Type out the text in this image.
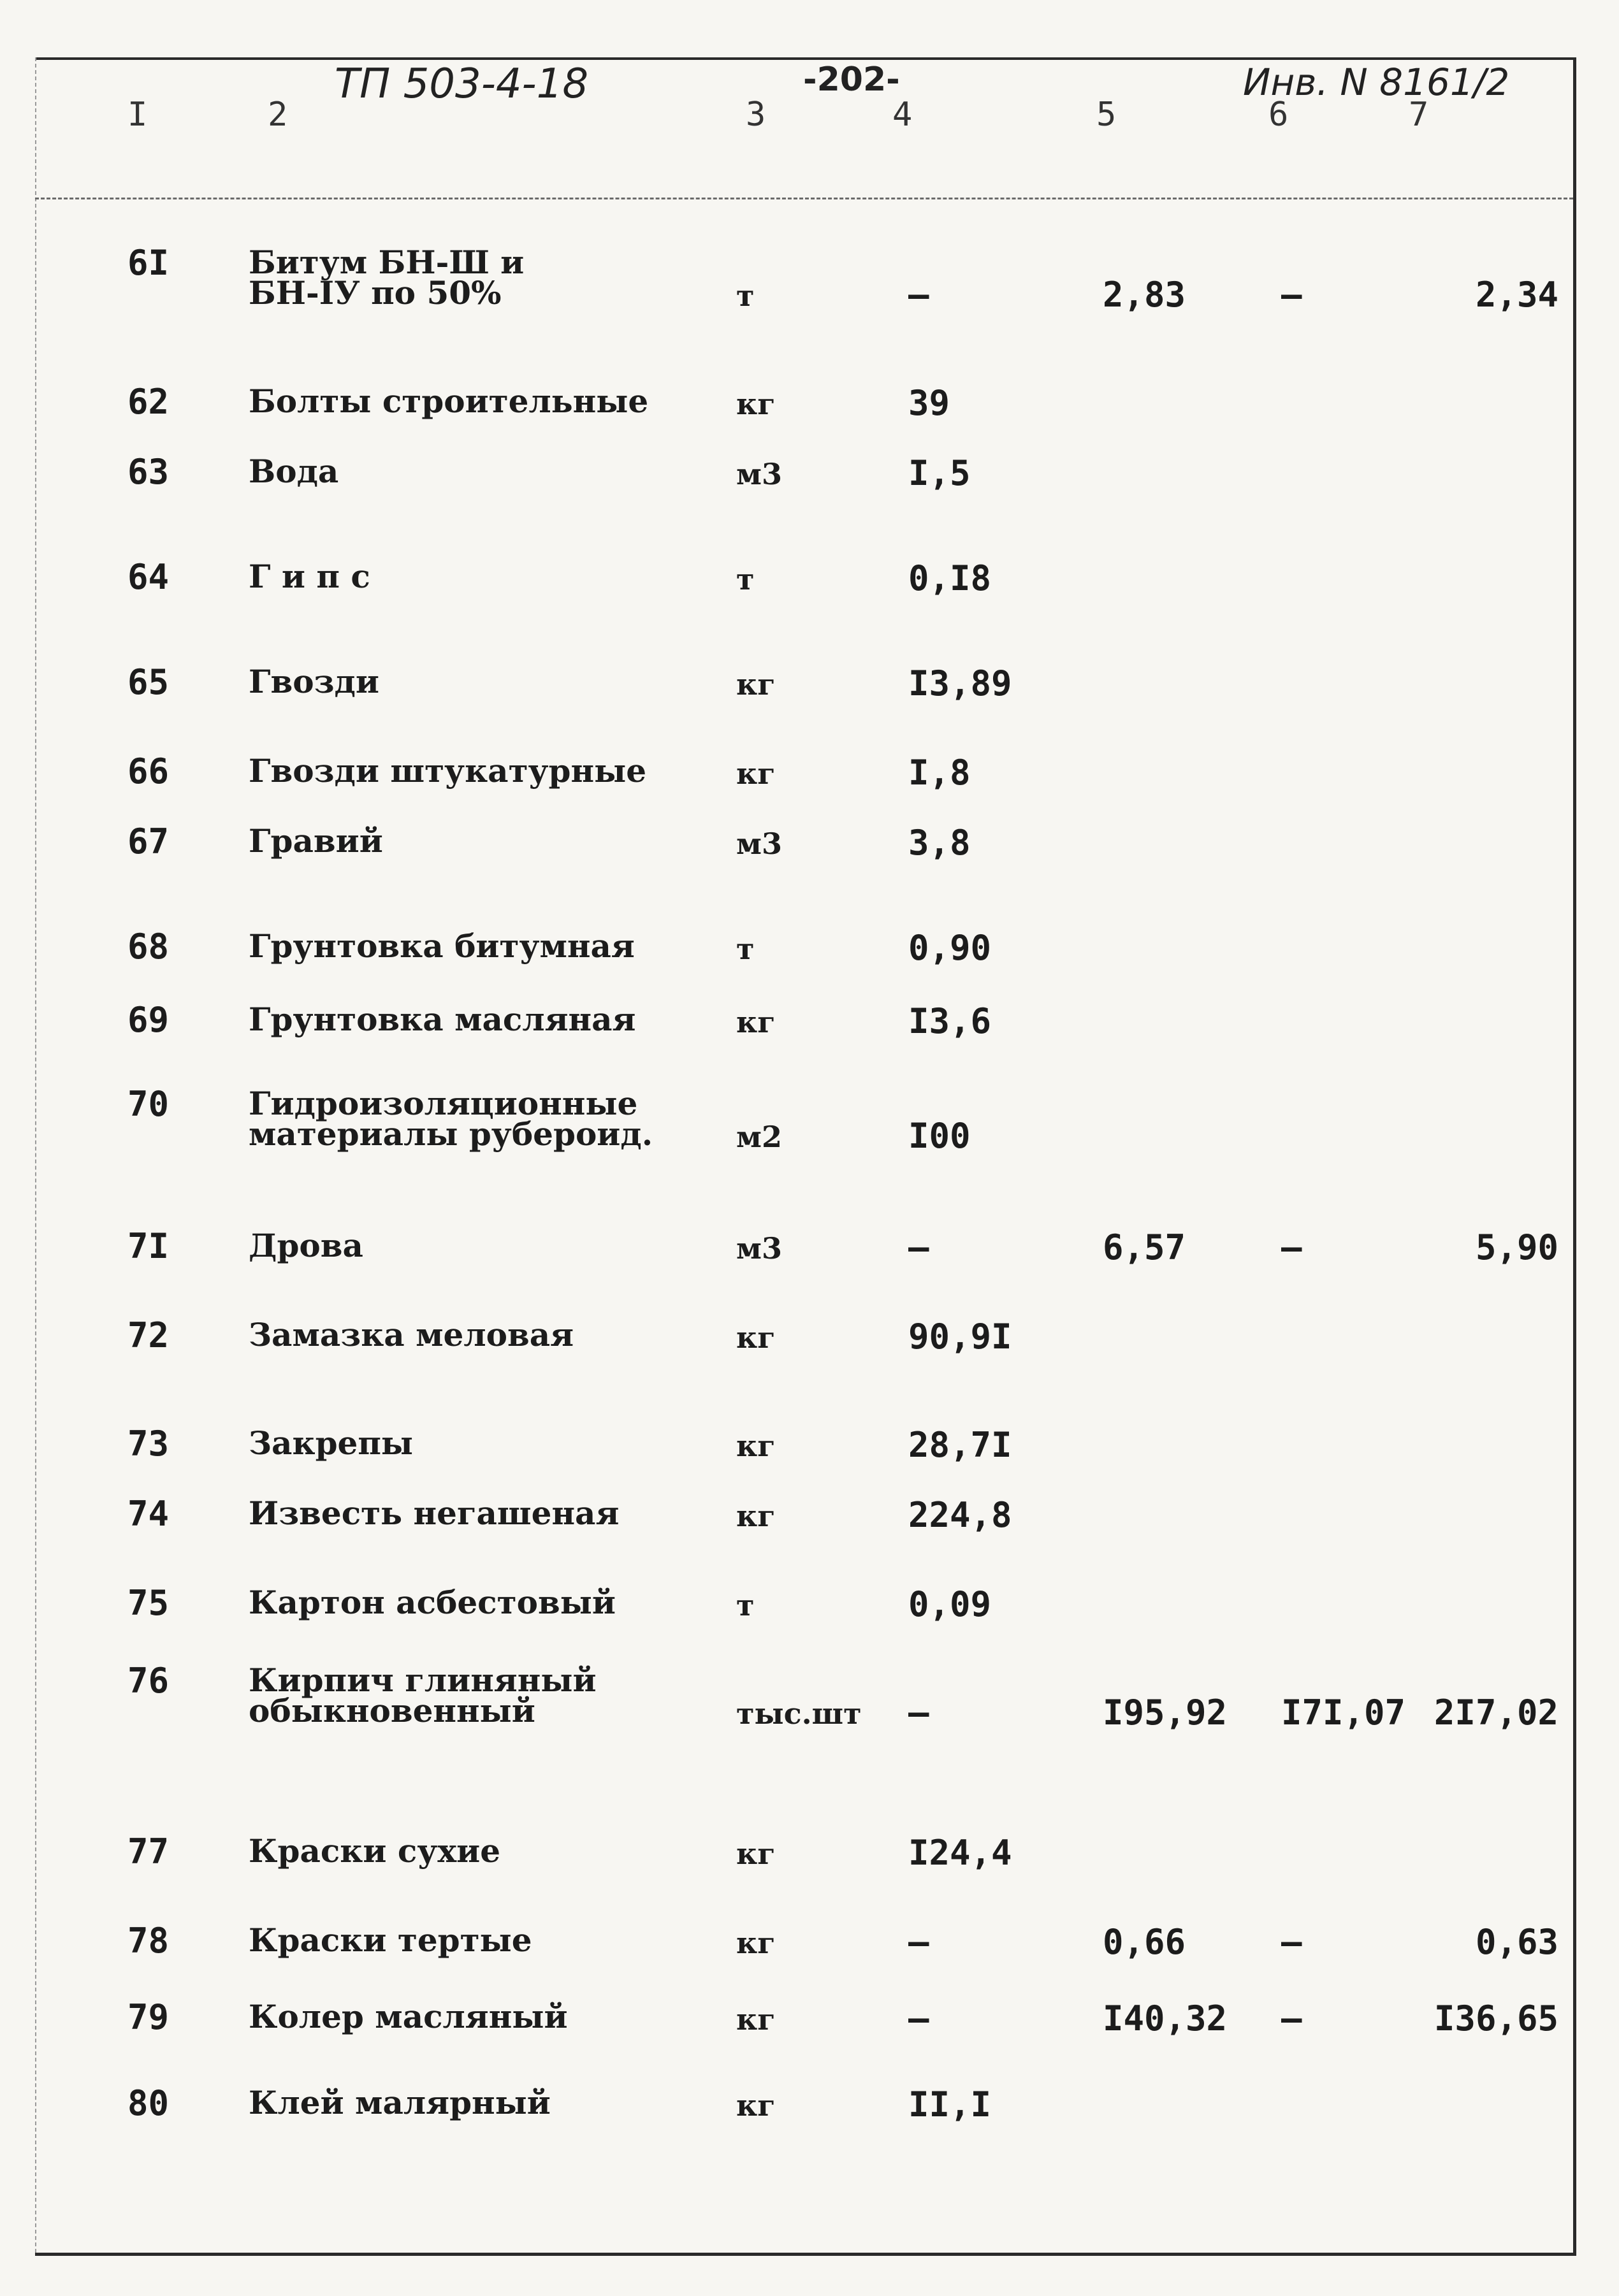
ТП 503-4-18	-202-	Инв. N 8161/2
I	2	3	4	5	6	7
6I Битум БН-Ш и
БН-IУ по 50%	т	–	2,83	–	2,34
62 Болты строительные	кг	39
63 Вода	м3	I,5
64 Г и п с	т	0,I8
65 Гвозди	кг	I3,89
66 Гвозди штукатурные	кг	I,8
67 Гравий	м3	3,8
68 Грунтовка битумная	т	0,90
69 Грунтовка масляная	кг	I3,6
70 Гидроизоляционные
материалы рубероид.	м2	I00
7I Дрова	м3	–	6,57	–	5,90
72 Замазка меловая	кг	90,9I
73 Закрепы	кг	28,7I
74 Известь негашеная	кг	224,8
75 Картон асбестовый	т	0,09
76 Кирпич глиняный
обыкновенный	тыс.шт –	I95,92 I7I,07 2I7,02
77 Краски сухие	кг	I24,4
78 Краски тертые	кг	–	0,66	–	0,63
79 Колер масляный	кг	–	I40,32 –	I36,65
80 Клей малярный	кг	II,I
